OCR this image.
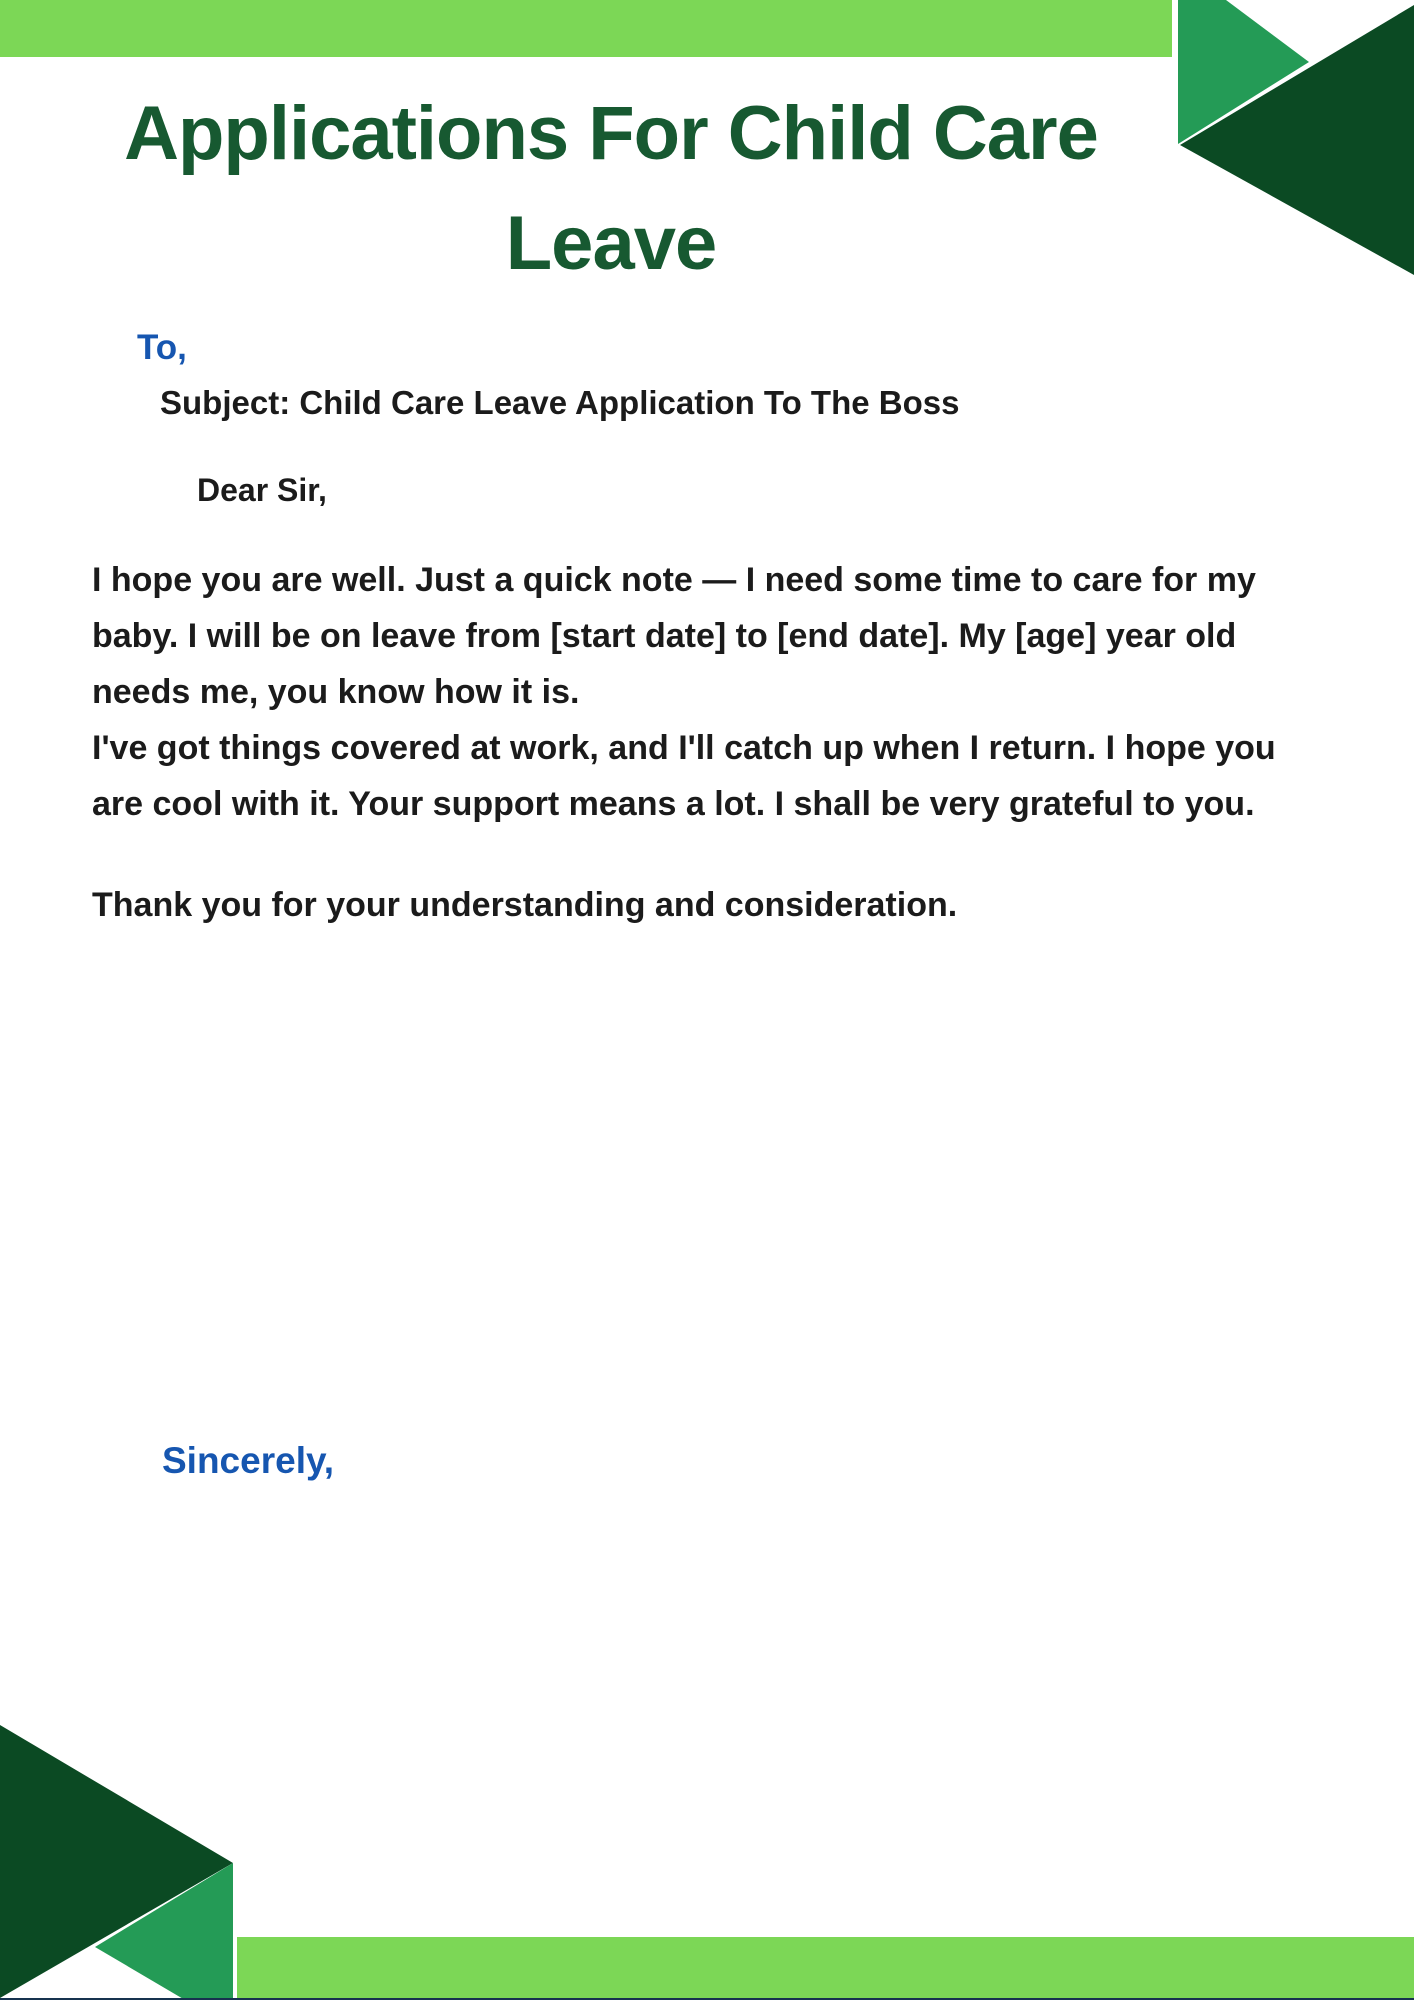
Applications For Child Care
Leave
To,
Subject: Child Care Leave Application To The Boss
Dear Sir,
I hope you are well. Just a quick note — I need some time to care for my
baby. I will be on leave from [start date] to [end date]. My [age] year old
needs me, you know how it is.
I've got things covered at work, and I'll catch up when I return. I hope you
are cool with it. Your support means a lot. I shall be very grateful to you.
Thank you for your understanding and consideration.
Sincerely,
